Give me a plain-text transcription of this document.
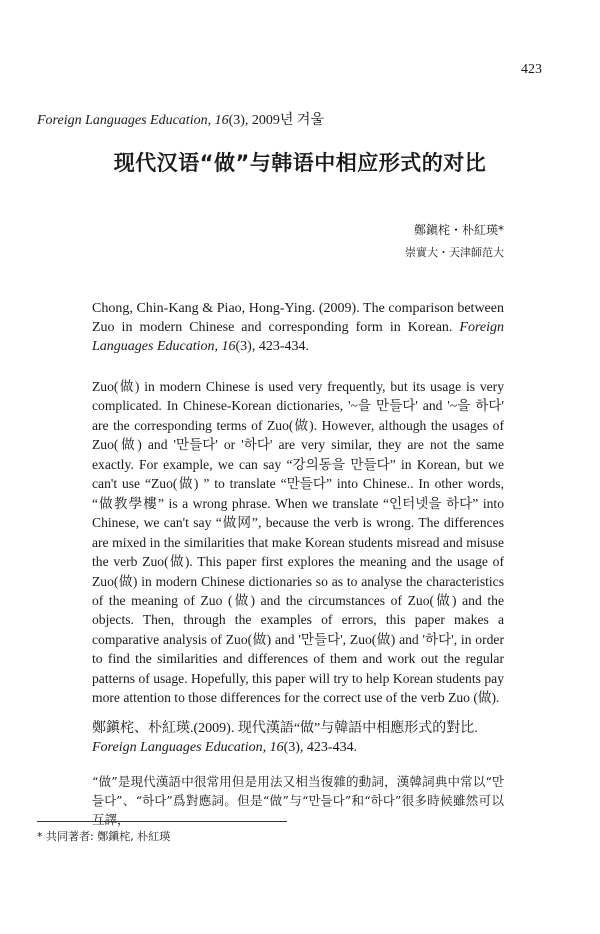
423
Foreign Languages Education, 16(3), 2009년 겨울
现代汉语“做”与韩语中相应形式的对比
鄭鎭㭦・朴紅瑛*
崇實大・天津師范大
Chong, Chin-Kang & Piao, Hong-Ying. (2009). The comparison between Zuo in modern Chinese and corresponding form in Korean. Foreign Languages Education, 16(3), 423-434.
Zuo(做) in modern Chinese is used very frequently, but its usage is very complicated. In Chinese-Korean dictionaries, '~을 만들다' and '~을 하다' are the corresponding terms of Zuo(做). However, although the usages of Zuo(做) and '만들다' or '하다' are very similar, they are not the same exactly. For example, we can say “강의동을 만들다” in Korean, but we can't use “Zuo(做) ” to translate “만들다” into Chinese.. In other words, “做教學樓” is a wrong phrase. When we translate “인터넷을 하다” into Chinese, we can't say “做网”, because the verb is wrong. The differences are mixed in the similarities that make Korean students misread and misuse the verb Zuo(做). This paper first explores the meaning and the usage of Zuo(做) in modern Chinese dictionaries so as to analyse the characteristics of the meaning of Zuo (做) and the circumstances of Zuo(做) and the objects. Then, through the examples of errors, this paper makes a comparative analysis of Zuo(做) and '만들다', Zuo(做) and '하다', in order to find the similarities and differences of them and work out the regular patterns of usage. Hopefully, this paper will try to help Korean students pay more attention to those differences for the correct use of the verb Zuo (做).
鄭鎭㭦、朴紅瑛.(2009). 现代漢語“做”与韓語中相應形式的對比. Foreign Languages Education, 16(3), 423-434.
“做”是現代漢語中很常用但是用法又相当復雜的動詞，漢韓詞典中常以“만들다”、“하다”爲對應詞。但是“做”与“만들다”和“하다”很多時候雖然可以互譯，
* 共同著者: 鄭鎭㭦, 朴紅瑛
